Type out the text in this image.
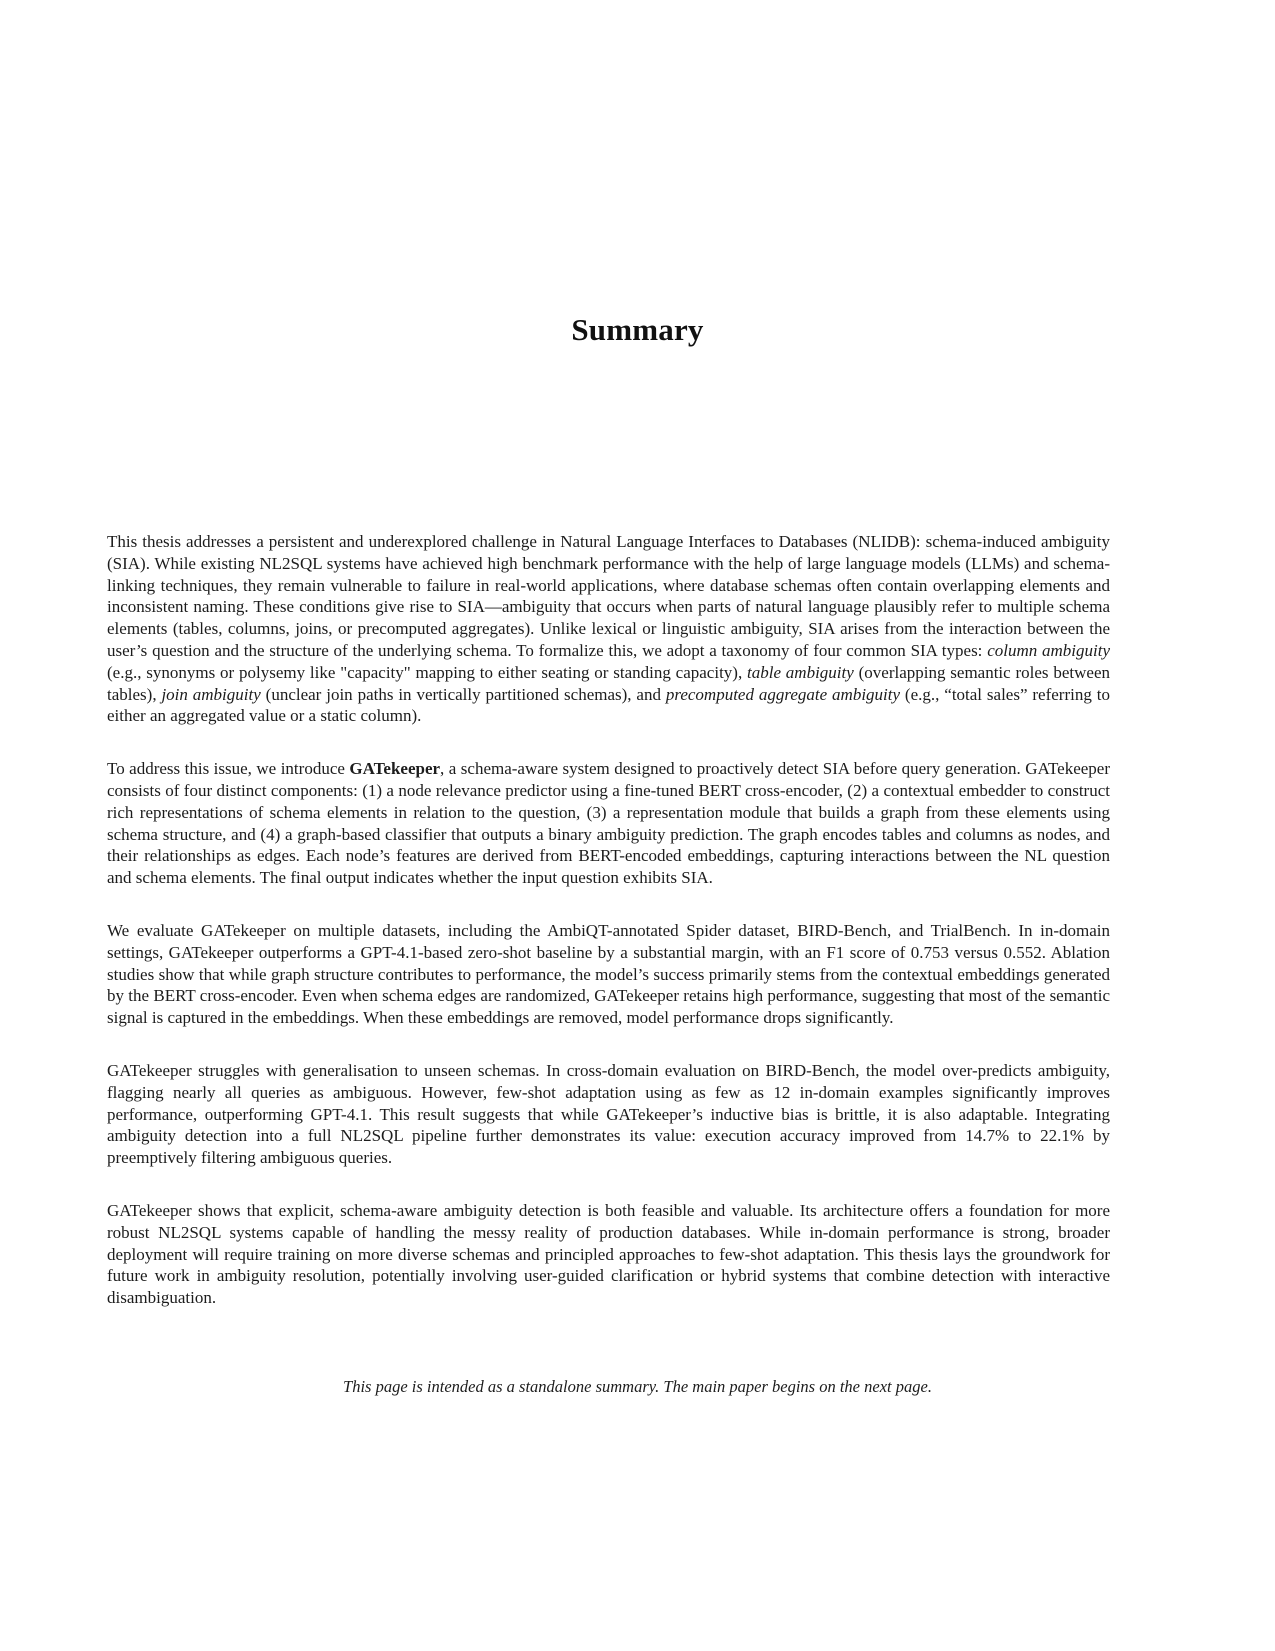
Summary

This thesis addresses a persistent and underexplored challenge in Natural Language Interfaces to Databases (NLIDB): schema-induced ambiguity (SIA). While existing NL2SQL systems have achieved high benchmark performance with the help of large language models (LLMs) and schema-linking techniques, they remain vulnerable to failure in real-world applications, where database schemas often contain overlapping elements and inconsistent naming. These conditions give rise to SIA—ambiguity that occurs when parts of natural language plausibly refer to multiple schema elements (tables, columns, joins, or precomputed aggregates). Unlike lexical or linguistic ambiguity, SIA arises from the interaction between the user’s question and the structure of the underlying schema. To formalize this, we adopt a taxonomy of four common SIA types: column ambiguity (e.g., synonyms or polysemy like "capacity" mapping to either seating or standing capacity), table ambiguity (overlapping semantic roles between tables), join ambiguity (unclear join paths in vertically partitioned schemas), and precomputed aggregate ambiguity (e.g., “total sales” referring to either an aggregated value or a static column).

To address this issue, we introduce GATekeeper, a schema-aware system designed to proactively detect SIA before query generation. GATekeeper consists of four distinct components: (1) a node relevance predictor using a fine-tuned BERT cross-encoder, (2) a contextual embedder to construct rich representations of schema elements in relation to the question, (3) a representation module that builds a graph from these elements using schema structure, and (4) a graph-based classifier that outputs a binary ambiguity prediction. The graph encodes tables and columns as nodes, and their relationships as edges. Each node’s features are derived from BERT-encoded embeddings, capturing interactions between the NL question and schema elements. The final output indicates whether the input question exhibits SIA.

We evaluate GATekeeper on multiple datasets, including the AmbiQT-annotated Spider dataset, BIRD-Bench, and TrialBench. In in-domain settings, GATekeeper outperforms a GPT-4.1-based zero-shot baseline by a substantial margin, with an F1 score of 0.753 versus 0.552. Ablation studies show that while graph structure contributes to performance, the model’s success primarily stems from the contextual embeddings generated by the BERT cross-encoder. Even when schema edges are randomized, GATekeeper retains high performance, suggesting that most of the semantic signal is captured in the embeddings. When these embeddings are removed, model performance drops significantly.

GATekeeper struggles with generalisation to unseen schemas. In cross-domain evaluation on BIRD-Bench, the model over-predicts ambiguity, flagging nearly all queries as ambiguous. However, few-shot adaptation using as few as 12 in-domain examples significantly improves performance, outperforming GPT-4.1. This result suggests that while GATekeeper’s inductive bias is brittle, it is also adaptable. Integrating ambiguity detection into a full NL2SQL pipeline further demonstrates its value: execution accuracy improved from 14.7% to 22.1% by preemptively filtering ambiguous queries.

GATekeeper shows that explicit, schema-aware ambiguity detection is both feasible and valuable. Its architecture offers a foundation for more robust NL2SQL systems capable of handling the messy reality of production databases. While in-domain performance is strong, broader deployment will require training on more diverse schemas and principled approaches to few-shot adaptation. This thesis lays the groundwork for future work in ambiguity resolution, potentially involving user-guided clarification or hybrid systems that combine detection with interactive disambiguation.

This page is intended as a standalone summary. The main paper begins on the next page.
